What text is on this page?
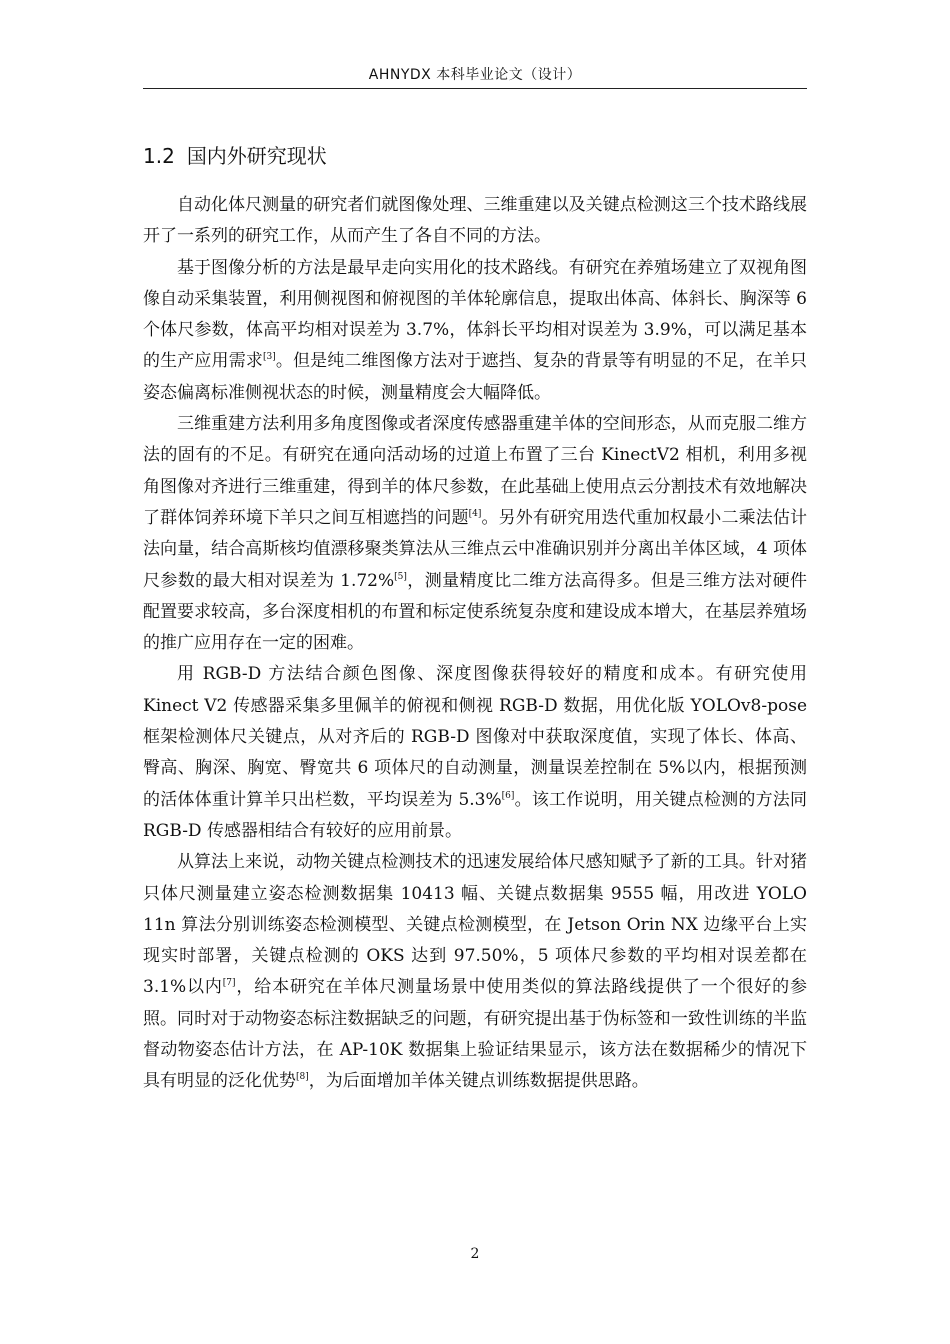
AHNYDX 本科毕业论文（设计）
1.2 国内外研究现状

自动化体尺测量的研究者们就图像处理、三维重建以及关键点检测这三个技术路线展开了一系列的研究工作，从而产生了各自不同的方法。

基于图像分析的方法是最早走向实用化的技术路线。有研究在养殖场建立了双视角图像自动采集装置，利用侧视图和俯视图的羊体轮廓信息，提取出体高、体斜长、胸深等 6 个体尺参数，体高平均相对误差为 3.7%，体斜长平均相对误差为 3.9%，可以满足基本的生产应用需求[3]。但是纯二维图像方法对于遮挡、复杂的背景等有明显的不足，在羊只姿态偏离标准侧视状态的时候，测量精度会大幅降低。

三维重建方法利用多角度图像或者深度传感器重建羊体的空间形态，从而克服二维方法的固有的不足。有研究在通向活动场的过道上布置了三台 KinectV2 相机，利用多视角图像对齐进行三维重建，得到羊的体尺参数，在此基础上使用点云分割技术有效地解决了群体饲养环境下羊只之间互相遮挡的问题[4]。另外有研究用迭代重加权最小二乘法估计法向量，结合高斯核均值漂移聚类算法从三维点云中准确识别并分离出羊体区域，4 项体尺参数的最大相对误差为 1.72%[5]，测量精度比二维方法高得多。但是三维方法对硬件配置要求较高，多台深度相机的布置和标定使系统复杂度和建设成本增大，在基层养殖场的推广应用存在一定的困难。

用 RGB-D 方法结合颜色图像、深度图像获得较好的精度和成本。有研究使用 Kinect V2 传感器采集多里佩羊的俯视和侧视 RGB-D 数据，用优化版 YOLOv8-pose 框架检测体尺关键点，从对齐后的 RGB-D 图像对中获取深度值，实现了体长、体高、臀高、胸深、胸宽、臀宽共 6 项体尺的自动测量，测量误差控制在 5%以内，根据预测的活体体重计算羊只出栏数，平均误差为 5.3%[6]。该工作说明，用关键点检测的方法同 RGB-D 传感器相结合有较好的应用前景。

从算法上来说，动物关键点检测技术的迅速发展给体尺感知赋予了新的工具。针对猪只体尺测量建立姿态检测数据集 10413 幅、关键点数据集 9555 幅，用改进 YOLO 11n 算法分别训练姿态检测模型、关键点检测模型，在 Jetson Orin NX 边缘平台上实现实时部署，关键点检测的 OKS 达到 97.50%，5 项体尺参数的平均相对误差都在 3.1%以内[7]，给本研究在羊体尺测量场景中使用类似的算法路线提供了一个很好的参照。同时对于动物姿态标注数据缺乏的问题，有研究提出基于伪标签和一致性训练的半监督动物姿态估计方法，在 AP-10K 数据集上验证结果显示，该方法在数据稀少的情况下具有明显的泛化优势[8]，为后面增加羊体关键点训练数据提供思路。

2
